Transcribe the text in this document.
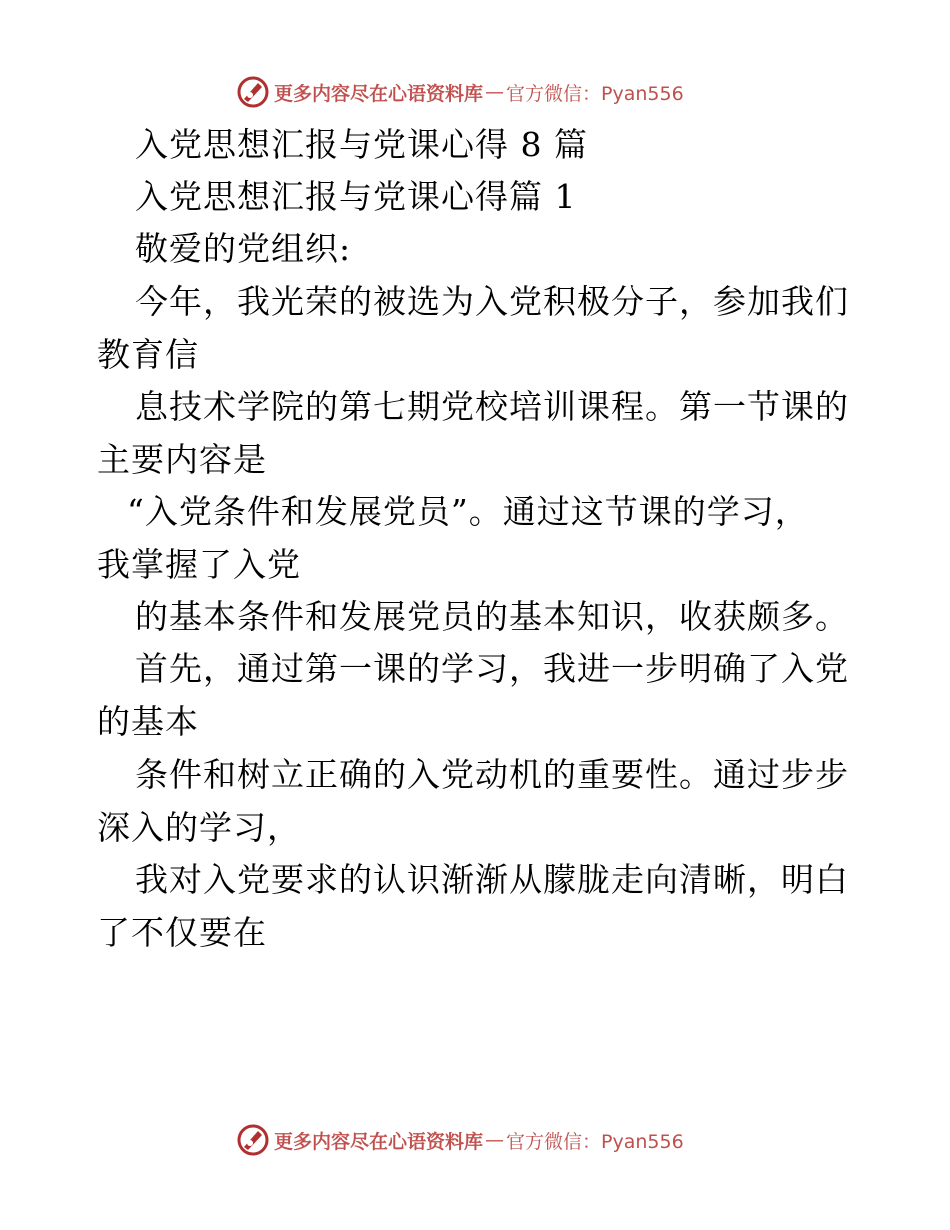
更多内容尽在心语资料库 — 官方微信：Pyan556
入党思想汇报与党课心得 8 篇
入党思想汇报与党课心得篇 1
敬爱的党组织:
今年，我光荣的被选为入党积极分子，参加我们
教育信
息技术学院的第七期党校培训课程。第一节课的
主要内容是
“入党条件和发展党员”。通过这节课的学习，
我掌握了入党
的基本条件和发展党员的基本知识，收获颇多。
首先，通过第一课的学习，我进一步明确了入党
的基本
条件和树立正确的入党动机的重要性。通过步步
深入的学习，
我对入党要求的认识渐渐从朦胧走向清晰，明白
了不仅要在
更多内容尽在心语资料库 — 官方微信：Pyan556
